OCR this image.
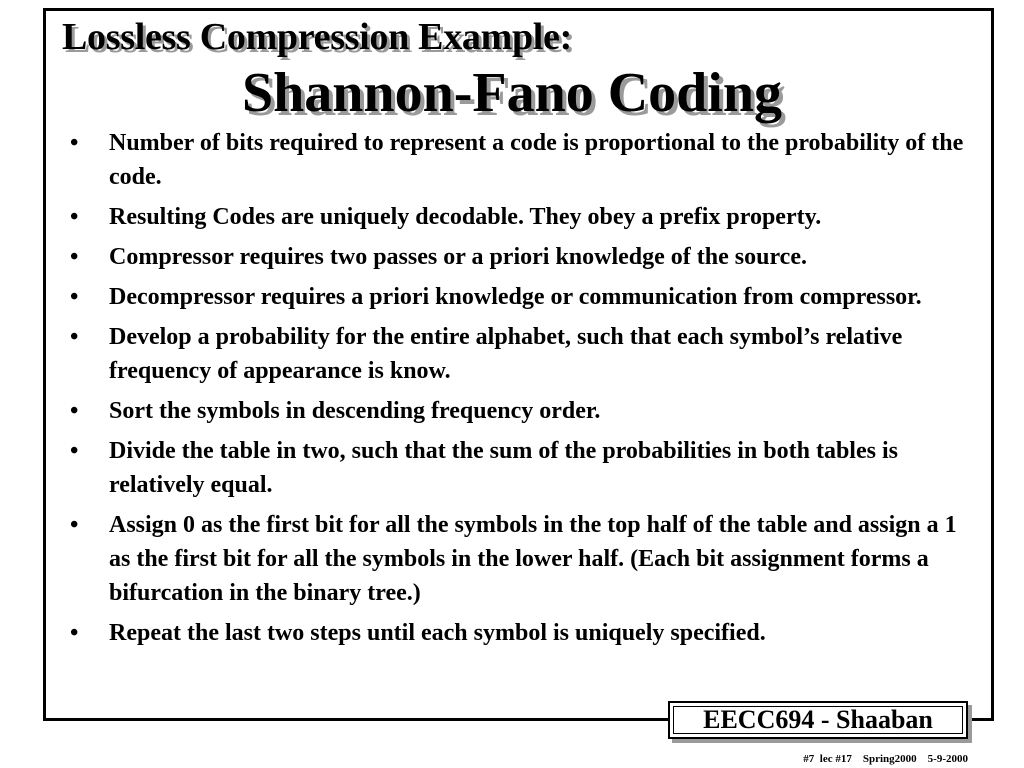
Lossless Compression Example:
Shannon-Fano Coding
• Number of bits required to represent a code is proportional to the probability of the code.
• Resulting Codes are uniquely decodable. They obey a prefix property.
• Compressor requires two passes or a priori knowledge of the source.
• Decompressor requires a priori knowledge or communication from compressor.
• Develop a probability for the entire alphabet, such that each symbol’s relative frequency of appearance is know.
• Sort the symbols in descending frequency order.
• Divide the table in two, such that the sum of the probabilities in both tables is relatively equal.
• Assign 0 as the first bit for all the symbols in the top half of the table and assign a 1 as the first bit for all the symbols in the lower half. (Each bit assignment forms a bifurcation in the binary tree.)
• Repeat the last two steps until each symbol is uniquely specified.
EECC694 - Shaaban
#7  lec #17    Spring2000    5-9-2000
